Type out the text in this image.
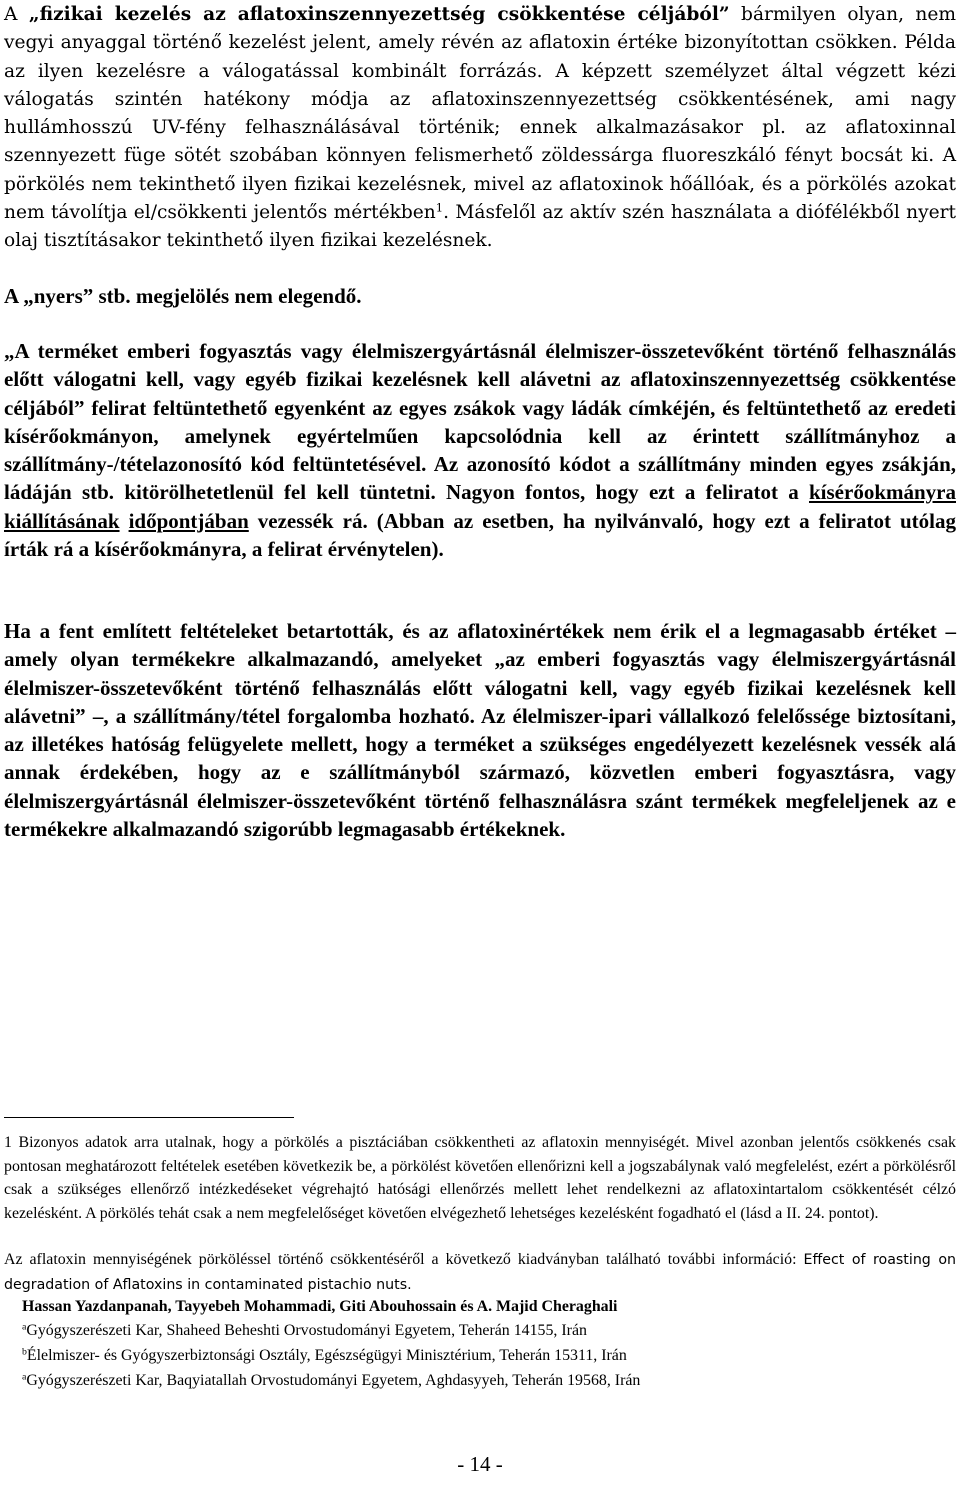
A „fizikai kezelés az aflatoxinszennyezettség csökkentése céljából” bármilyen olyan, nem vegyi anyaggal történő kezelést jelent, amely révén az aflatoxin értéke bizonyítottan csökken. Példa az ilyen kezelésre a válogatással kombinált forrázás. A képzett személyzet által végzett kézi válogatás szintén hatékony módja az aflatoxinszennyezettség csökkentésének, ami nagy hullámhosszú UV-fény felhasználásával történik; ennek alkalmazásakor pl. az aflatoxinnal szennyezett füge sötét szobában könnyen felismerhető zöldessárga fluoreszkáló fényt bocsát ki. A pörkölés nem tekinthető ilyen fizikai kezelésnek, mivel az aflatoxinok hőállóak, és a pörkölés azokat nem távolítja el/csökkenti jelentős mértékben$^1$. Másfelől az aktív szén használata a diófélékből nyert olaj tisztításakor tekinthető ilyen fizikai kezelésnek.

A „nyers” stb. megjelölés nem elegendő.

„A terméket emberi fogyasztás vagy élelmiszergyártásnál élelmiszer-összetevőként történő felhasználás előtt válogatni kell, vagy egyéb fizikai kezelésnek kell alávetni az aflatoxinszennyezettség csökkentése céljából” felirat feltüntethető egyenként az egyes zsákok vagy ládák címkéjén, és feltüntethető az eredeti kísérőokmányon, amelynek egyértelműen kapcsolódnia kell az érintett szállítmányhoz a szállítmány-/tételazonosító kód feltüntetésével. Az azonosító kódot a szállítmány minden egyes zsákján, ládáján stb. kitörölhetetlenül fel kell tüntetni. Nagyon fontos, hogy ezt a feliratot a kísérőokmányra kiállításának időpontjában vezessék rá. (Abban az esetben, ha nyilvánvaló, hogy ezt a feliratot utólag írták rá a kísérőokmányra, a felirat érvénytelen).

Ha a fent említett feltételeket betartották, és az aflatoxinértékek nem érik el a legmagasabb értéket – amely olyan termékekre alkalmazandó, amelyeket „az emberi fogyasztás vagy élelmiszergyártásnál élelmiszer-összetevőként történő felhasználás előtt válogatni kell, vagy egyéb fizikai kezelésnek kell alávetni” –, a szállítmány/tétel forgalomba hozható. Az élelmiszer-ipari vállalkozó felelőssége biztosítani, az illetékes hatóság felügyelete mellett, hogy a terméket a szükséges engedélyezett kezelésnek vessék alá annak érdekében, hogy az e szállítmányból származó, közvetlen emberi fogyasztásra, vagy élelmiszergyártásnál élelmiszer-összetevőként történő felhasználásra szánt termékek megfeleljenek az e termékekre alkalmazandó szigorúbb legmagasabb értékeknek.

1 Bizonyos adatok arra utalnak, hogy a pörkölés a pisztáciában csökkentheti az aflatoxin mennyiségét. Mivel azonban jelentős csökkenés csak pontosan meghatározott feltételek esetében következik be, a pörkölést követően ellenőrizni kell a jogszabálynak való megfelelést, ezért a pörkölésről csak a szükséges ellenőrző intézkedéseket végrehajtó hatósági ellenőrzés mellett lehet rendelkezni az aflatoxintartalom csökkentését célzó kezelésként. A pörkölés tehát csak a nem megfelelőséget követően elvégezhető lehetséges kezelésként fogadható el (lásd a II. 24. pontot).

Az aflatoxin mennyiségének pörköléssel történő csökkentéséről a következő kiadványban található további információ: Effect of roasting on degradation of Aflatoxins in contaminated pistachio nuts.

Hassan Yazdanpanah, Tayyebeh Mohammadi, Giti Abouhossain és A. Majid Cheraghali

$^a$Gyógyszerészeti Kar, Shaheed Beheshti Orvostudományi Egyetem, Teherán 14155, Irán

$^b$Élelmiszer- és Gyógyszerbiztonsági Osztály, Egészségügyi Minisztérium, Teherán 15311, Irán

$^a$Gyógyszerészeti Kar, Baqyiatallah Orvostudományi Egyetem, Aghdasyyeh, Teherán 19568, Irán

- 14 -
